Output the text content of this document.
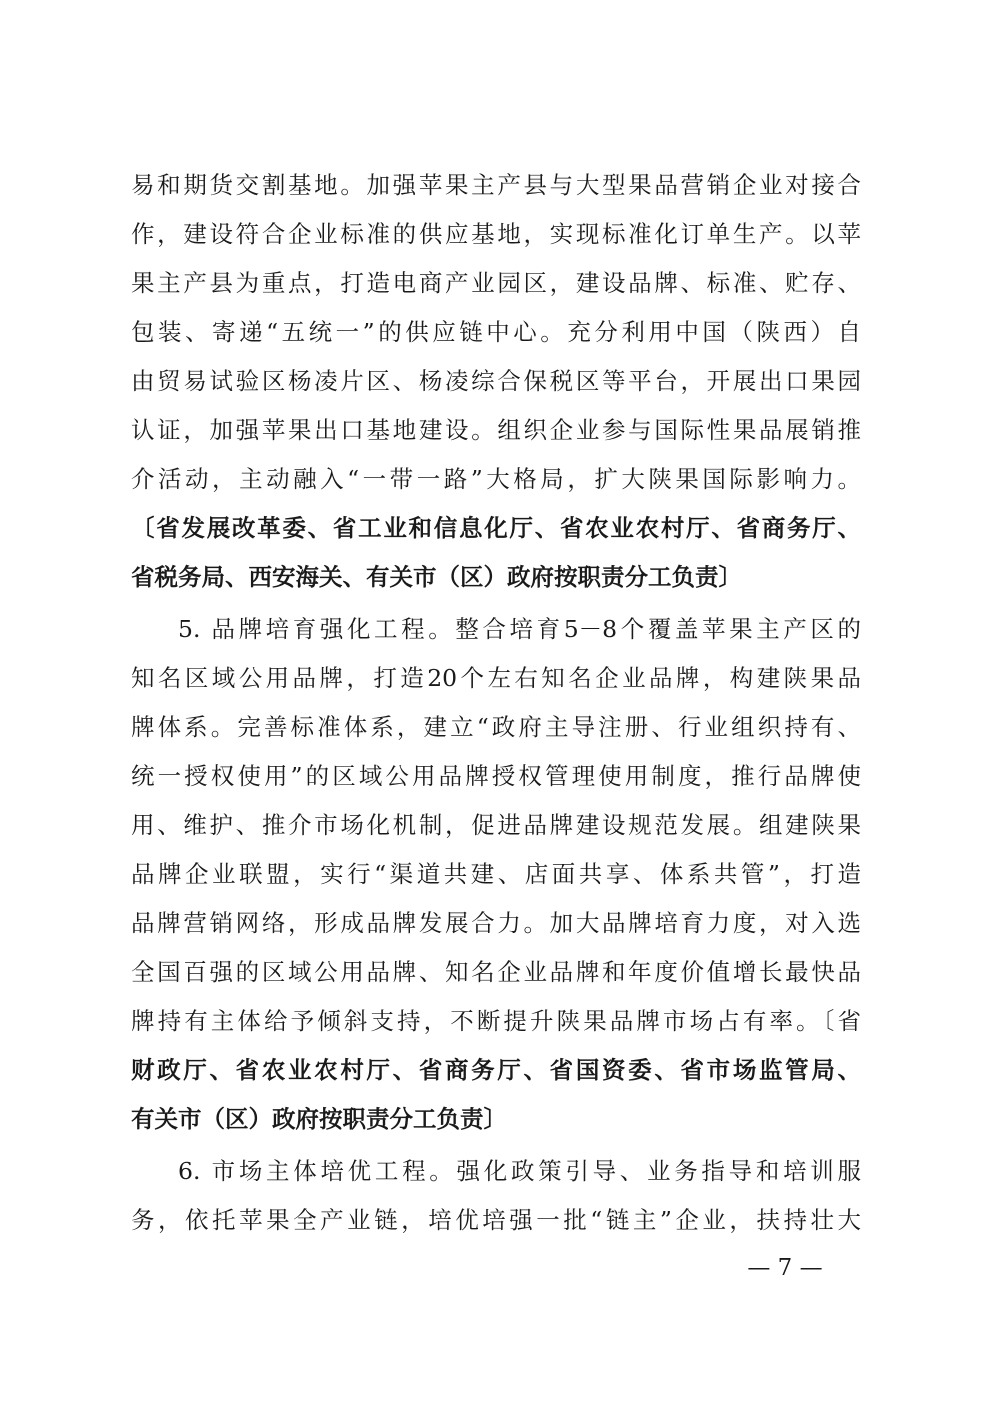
易和期货交割基地。加强苹果主产县与大型果品营销企业对接合
作，建设符合企业标准的供应基地，实现标准化订单生产。以苹
果主产县为重点，打造电商产业园区，建设品牌、标准、贮存、
包装、寄递“五统一”的供应链中心。充分利用中国（陕西）自
由贸易试验区杨凌片区、杨凌综合保税区等平台，开展出口果园
认证，加强苹果出口基地建设。组织企业参与国际性果品展销推
介活动，主动融入“一带一路”大格局，扩大陕果国际影响力。
〔省发展改革委、省工业和信息化厅、省农业农村厅、省商务厅、
省税务局、西安海关、有关市（区）政府按职责分工负责〕
5. 品牌培育强化工程。整合培育5－8个覆盖苹果主产区的
知名区域公用品牌，打造20个左右知名企业品牌，构建陕果品
牌体系。完善标准体系，建立“政府主导注册、行业组织持有、
统一授权使用”的区域公用品牌授权管理使用制度，推行品牌使
用、维护、推介市场化机制，促进品牌建设规范发展。组建陕果
品牌企业联盟，实行“渠道共建、店面共享、体系共管”，打造
品牌营销网络，形成品牌发展合力。加大品牌培育力度，对入选
全国百强的区域公用品牌、知名企业品牌和年度价值增长最快品
牌持有主体给予倾斜支持，不断提升陕果品牌市场占有率。〔省
财政厅、省农业农村厅、省商务厅、省国资委、省市场监管局、
有关市（区）政府按职责分工负责〕
6. 市场主体培优工程。强化政策引导、业务指导和培训服
务，依托苹果全产业链，培优培强一批“链主”企业，扶持壮大
— 7 —
